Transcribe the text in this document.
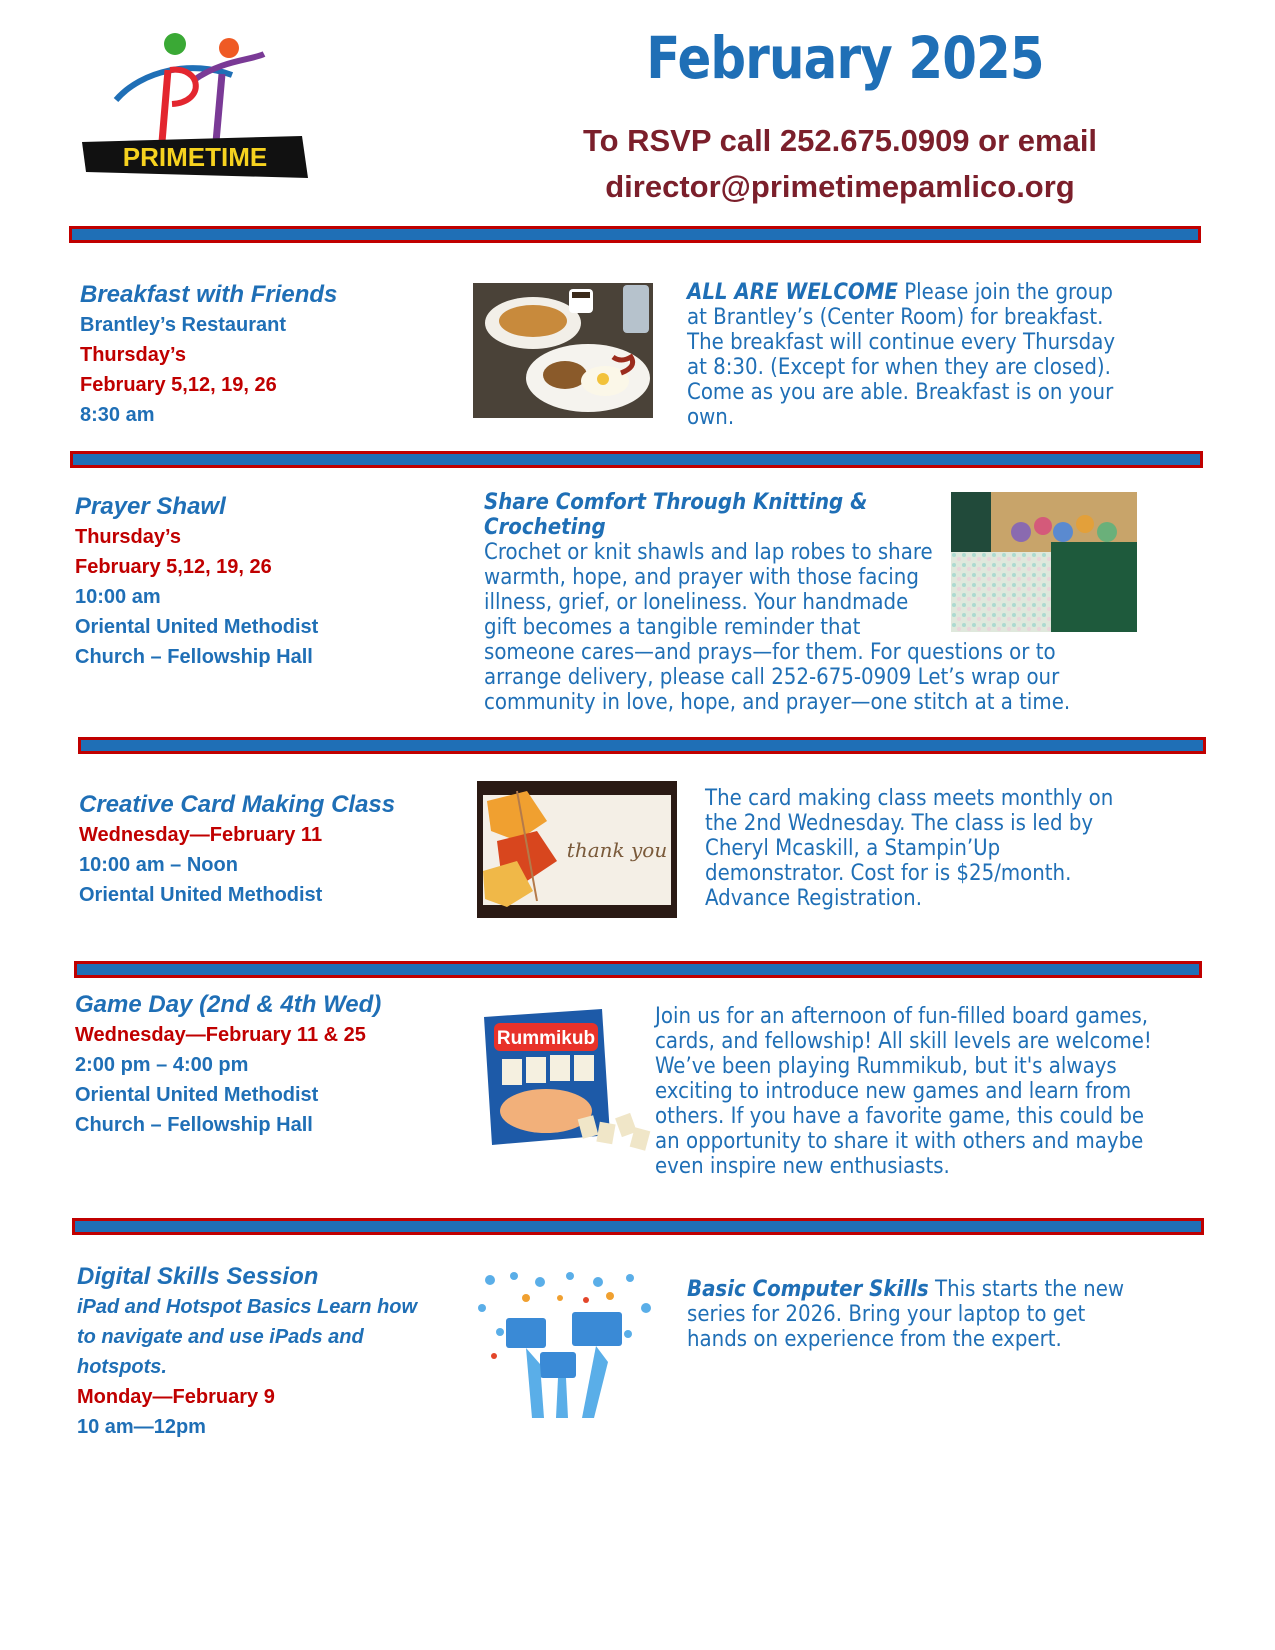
PRIMETIME
February 2025
To RSVP call 252.675.0909 or email
director@primetimepamlico.org
Breakfast with Friends
Brantley’s Restaurant
Thursday’s
February 5,12, 19, 26
8:30 am
ALL ARE WELCOME Please join the group at Brantley’s (Center Room) for breakfast. The breakfast will continue every Thursday at 8:30. (Except for when they are closed). Come as you are able. Breakfast is on your own.
Prayer Shawl
Thursday’s
February 5,12, 19, 26
10:00 am
Oriental United Methodist
Church – Fellowship Hall
Share Comfort Through Knitting & Crocheting
Crochet or knit shawls and lap robes to share warmth, hope, and prayer with those facing illness, grief, or loneliness. Your handmade gift becomes a tangible reminder that someone cares—and prays—for them. For questions or to arrange delivery, please call 252-675-0909 Let’s wrap our community in love, hope, and prayer—one stitch at a time.
Creative Card Making Class
Wednesday—February 11
10:00 am – Noon
Oriental United Methodist
thank you
The card making class meets monthly on the 2nd Wednesday. The class is led by Cheryl Mcaskill, a Stampin’Up demonstrator. Cost for is $25/month. Advance Registration.
Game Day (2nd & 4th Wed)
Wednesday—February 11 & 25
2:00 pm – 4:00 pm
Oriental United Methodist
Church – Fellowship Hall
Rummikub
Join us for an afternoon of fun-filled board games, cards, and fellowship! All skill levels are welcome! We’ve been playing Rummikub, but it's always exciting to introduce new games and learn from others. If you have a favorite game, this could be an opportunity to share it with others and maybe even inspire new enthusiasts.
Digital Skills Session
iPad and Hotspot Basics Learn how to navigate and use iPads and hotspots.
Monday—February 9
10 am—12pm
Basic Computer Skills This starts the new series for 2026. Bring your laptop to get hands on experience from the expert.
